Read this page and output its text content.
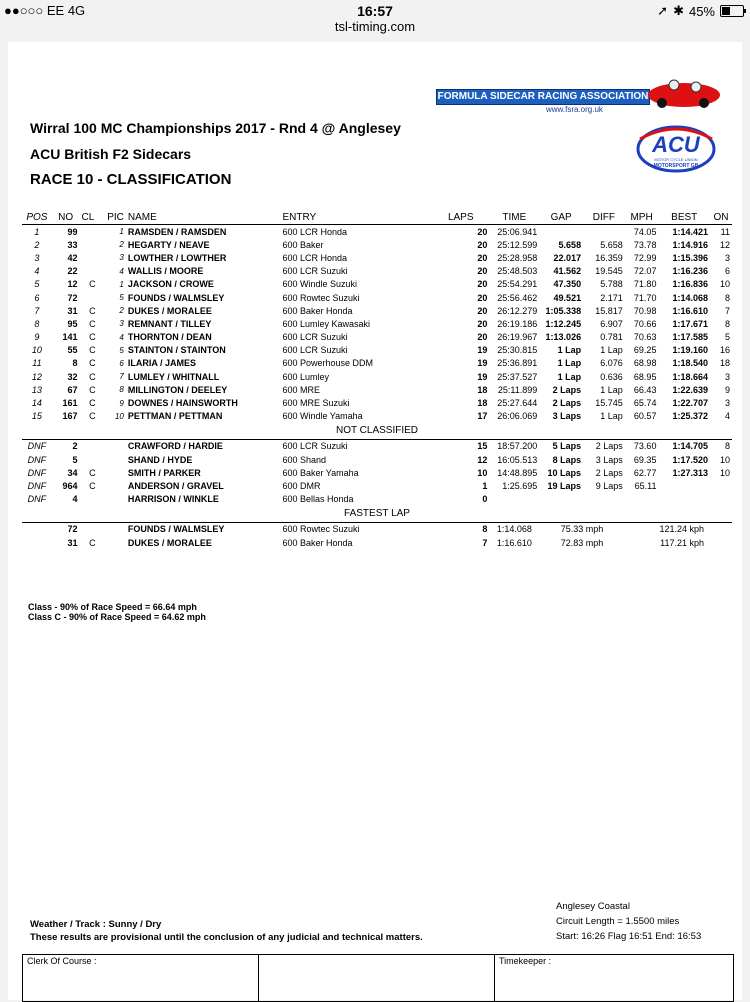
●●○○○ EE 4G	16:57	➚ ✱ 45%
tsl-timing.com
FORMULA SIDECAR RACING ASSOCIATION
www.fsra.org.uk
ACU
MOTOR CYCLE UNION
MOTORSPORT GB
Wirral 100 MC Championships 2017 - Rnd 4 @ Anglesey
ACU British F2 Sidecars
RACE 10 - CLASSIFICATION
POS	NO	CL	PIC	NAME	ENTRY	LAPS	TIME	GAP	DIFF	MPH	BEST	ON
1	99		1	RAMSDEN / RAMSDEN	600 LCR Honda	20	25:06.941			74.05	1:14.421	11
2	33		2	HEGARTY / NEAVE	600 Baker	20	25:12.599	5.658	5.658	73.78	1:14.916	12
3	42		3	LOWTHER / LOWTHER	600 LCR Honda	20	25:28.958	22.017	16.359	72.99	1:15.396	3
4	22		4	WALLIS / MOORE	600 LCR Suzuki	20	25:48.503	41.562	19.545	72.07	1:16.236	6
5	12	C	1	JACKSON / CROWE	600 Windle Suzuki	20	25:54.291	47.350	5.788	71.80	1:16.836	10
6	72		5	FOUNDS / WALMSLEY	600 Rowtec Suzuki	20	25:56.462	49.521	2.171	71.70	1:14.068	8
7	31	C	2	DUKES / MORALEE	600 Baker Honda	20	26:12.279	1:05.338	15.817	70.98	1:16.610	7
8	95	C	3	REMNANT / TILLEY	600 Lumley Kawasaki	20	26:19.186	1:12.245	6.907	70.66	1:17.671	8
9	141	C	4	THORNTON / DEAN	600 LCR Suzuki	20	26:19.967	1:13.026	0.781	70.63	1:17.585	5
10	55	C	5	STAINTON / STAINTON	600 LCR Suzuki	19	25:30.815	1 Lap	1 Lap	69.25	1:19.160	16
11	8	C	6	ILARIA / JAMES	600 Powerhouse DDM	19	25:36.891	1 Lap	6.076	68.98	1:18.540	18
12	32	C	7	LUMLEY / WHITNALL	600 Lumley	19	25:37.527	1 Lap	0.636	68.95	1:18.664	3
13	67	C	8	MILLINGTON / DEELEY	600 MRE	18	25:11.899	2 Laps	1 Lap	66.43	1:22.639	9
14	161	C	9	DOWNES / HAINSWORTH	600 MRE Suzuki	18	25:27.644	2 Laps	15.745	65.74	1:22.707	3
15	167	C	10	PETTMAN / PETTMAN	600 Windle Yamaha	17	26:06.069	3 Laps	1 Lap	60.57	1:25.372	4
NOT CLASSIFIED												
DNF	2			CRAWFORD / HARDIE	600 LCR Suzuki	15	18:57.200	5 Laps	2 Laps	73.60	1:14.705	8
DNF	5			SHAND / HYDE	600 Shand	12	16:05.513	8 Laps	3 Laps	69.35	1:17.520	10
DNF	34	C		SMITH / PARKER	600 Baker Yamaha	10	14:48.895	10 Laps	2 Laps	62.77	1:27.313	10
DNF	964	C		ANDERSON / GRAVEL	600 DMR	1	1:25.695	19 Laps	9 Laps	65.11		
DNF	4			HARRISON / WINKLE	600 Bellas Honda	0						
FASTEST LAP												
	72			FOUNDS / WALMSLEY	600 Rowtec Suzuki	8	1:14.068	75.33 mph		121.24 kph		
	31	C		DUKES / MORALEE	600 Baker Honda	7	1:16.610	72.83 mph		117.21 kph		
Class - 90% of Race Speed = 66.64 mph
Class C - 90% of Race Speed = 64.62 mph
Weather / Track : Sunny / Dry
These results are provisional until the conclusion of any judicial and technical matters.
Anglesey Coastal
Circuit Length = 1.5500 miles
Start: 16:26 Flag 16:51 End: 16:53
Clerk Of Course :	Timekeeper :
